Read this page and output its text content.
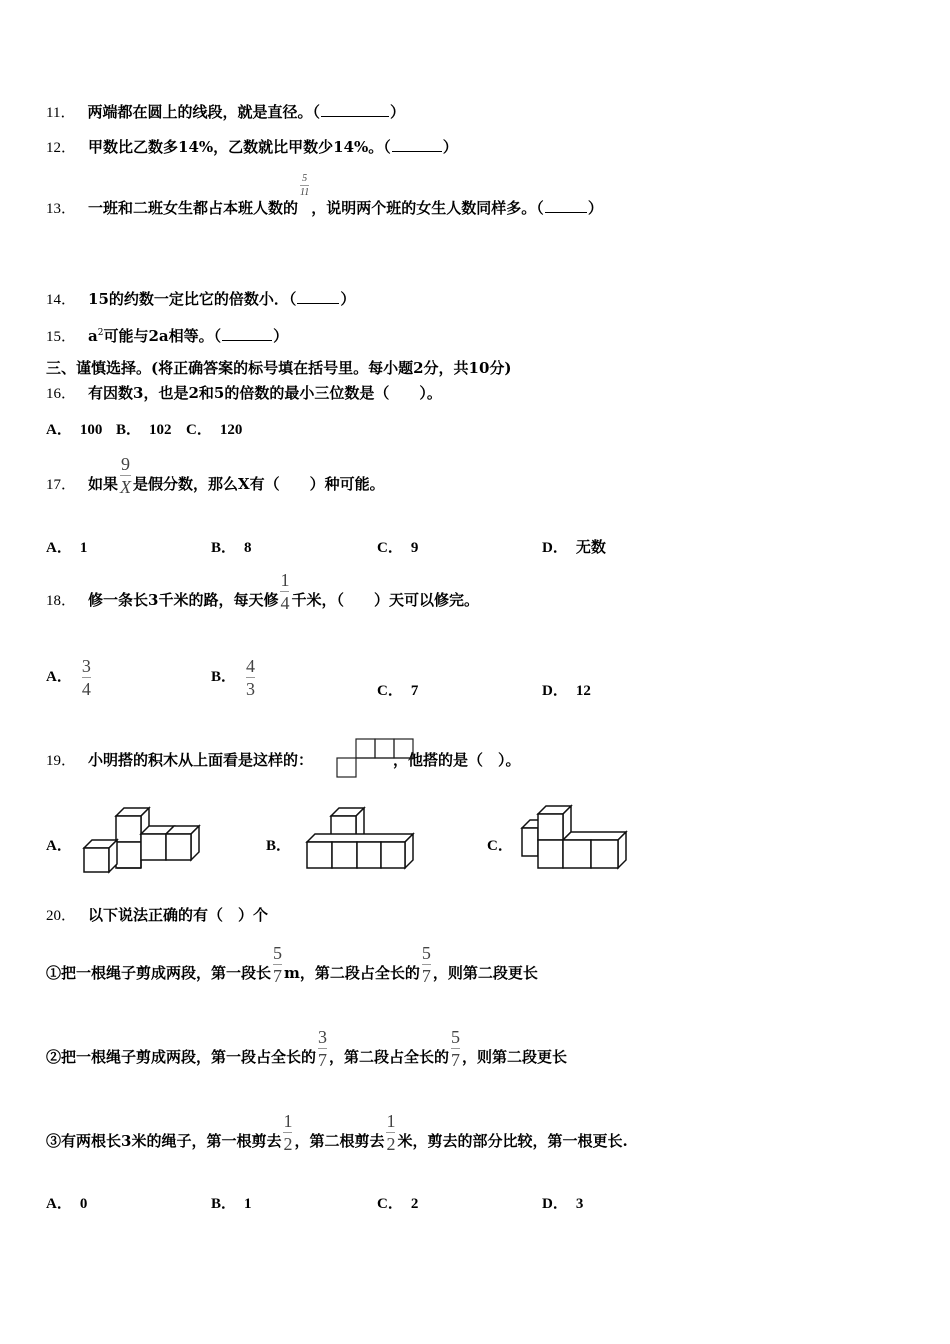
11． 两端都在圆上的线段，就是直径。（	）
12． 甲数比乙数多14%，乙数就比甲数少14%。（	）
13． 一班和二班女生都占本班人数的
$\frac{5}{11}$
，说明两个班的女生人数同样多。（	）
14． 15的约数一定比它的倍数小．（	）
15． $a^2$可能与2a相等。（	）
三、谨慎选择。(将正确答案的标号填在括号里。每小题2分，共10分)
16． 有因数3，也是2和5的倍数的最小三位数是（　　）。
A． 100 B． 102 C． 120
17． 如果 $\frac{9}{X}$ 是假分数，那么X有（　　）种可能。
A． 1	B． 8	C． 9	D． 无数
18． 修一条长3千米的路，每天修 $\frac{1}{4}$ 千米，（　　）天可以修完。
A． $\frac{3}{4}$	B． $\frac{4}{3}$	C． 7	D． 12
19． 小明搭的积木从上面看是这样的：	，他搭的是（　）。
A．	B．	C．
20． 以下说法正确的有（　）个
①把一根绳子剪成两段，第一段长 $\frac{5}{7}$ m，第二段占全长的 $\frac{5}{7}$ ，则第二段更长
②把一根绳子剪成两段，第一段占全长的 $\frac{3}{7}$ ，第二段占全长的 $\frac{5}{7}$ ，则第二段更长
③有两根长3米的绳子，第一根剪去 $\frac{1}{2}$ ，第二根剪去 $\frac{1}{2}$ 米，剪去的部分比较，第一根更长.
A． 0	B． 1	C． 2	D． 3
